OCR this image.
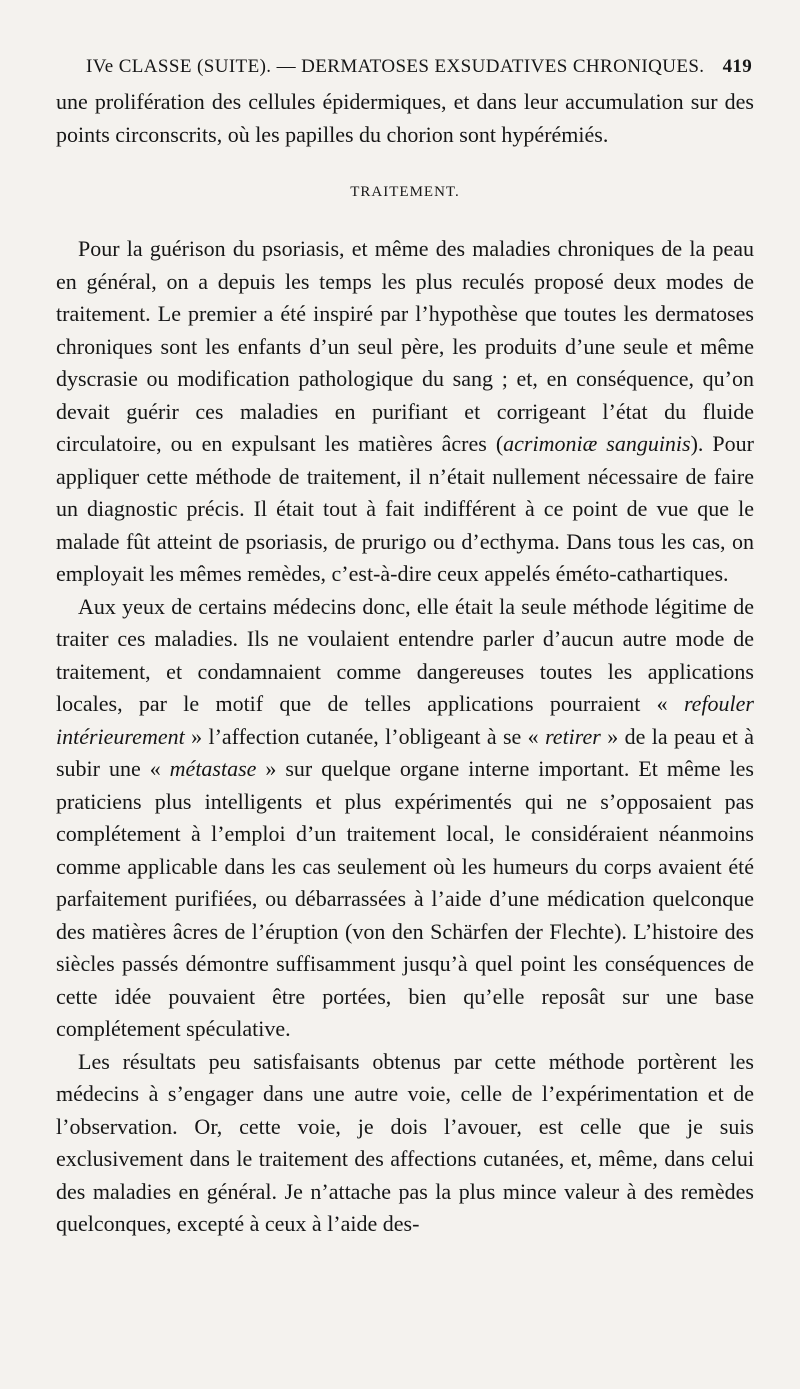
IVe CLASSE (SUITE). — DERMATOSES EXSUDATIVES CHRONIQUES. 419

une prolifération des cellules épidermiques, et dans leur accumulation sur des points circonscrits, où les papilles du chorion sont hypérémiés.

TRAITEMENT.

Pour la guérison du psoriasis, et même des maladies chroniques de la peau en général, on a depuis les temps les plus reculés proposé deux modes de traitement. Le premier a été inspiré par l’hypothèse que toutes les dermatoses chroniques sont les enfants d’un seul père, les produits d’une seule et même dyscrasie ou modification pathologique du sang ; et, en conséquence, qu’on devait guérir ces maladies en purifiant et corrigeant l’état du fluide circulatoire, ou en expulsant les matières âcres (acrimoniæ sanguinis). Pour appliquer cette méthode de traitement, il n’était nullement nécessaire de faire un diagnostic précis. Il était tout à fait indifférent à ce point de vue que le malade fût atteint de psoriasis, de prurigo ou d’ecthyma. Dans tous les cas, on employait les mêmes remèdes, c’est-à-dire ceux appelés éméto-cathartiques.

Aux yeux de certains médecins donc, elle était la seule méthode légitime de traiter ces maladies. Ils ne voulaient entendre parler d’aucun autre mode de traitement, et condamnaient comme dangereuses toutes les applications locales, par le motif que de telles applications pourraient « refouler intérieurement » l’affection cutanée, l’obligeant à se « retirer » de la peau et à subir une « métastase » sur quelque organe interne important. Et même les praticiens plus intelligents et plus expérimentés qui ne s’opposaient pas complétement à l’emploi d’un traitement local, le considéraient néanmoins comme applicable dans les cas seulement où les humeurs du corps avaient été parfaitement purifiées, ou débarrassées à l’aide d’une médication quelconque des matières âcres de l’éruption (von den Schärfen der Flechte). L’histoire des siècles passés démontre suffisamment jusqu’à quel point les conséquences de cette idée pouvaient être portées, bien qu’elle reposât sur une base complétement spéculative.

Les résultats peu satisfaisants obtenus par cette méthode portèrent les médecins à s’engager dans une autre voie, celle de l’expérimentation et de l’observation. Or, cette voie, je dois l’avouer, est celle que je suis exclusivement dans le traitement des affections cutanées, et, même, dans celui des maladies en général. Je n’attache pas la plus mince valeur à des remèdes quelconques, excepté à ceux à l’aide des-
